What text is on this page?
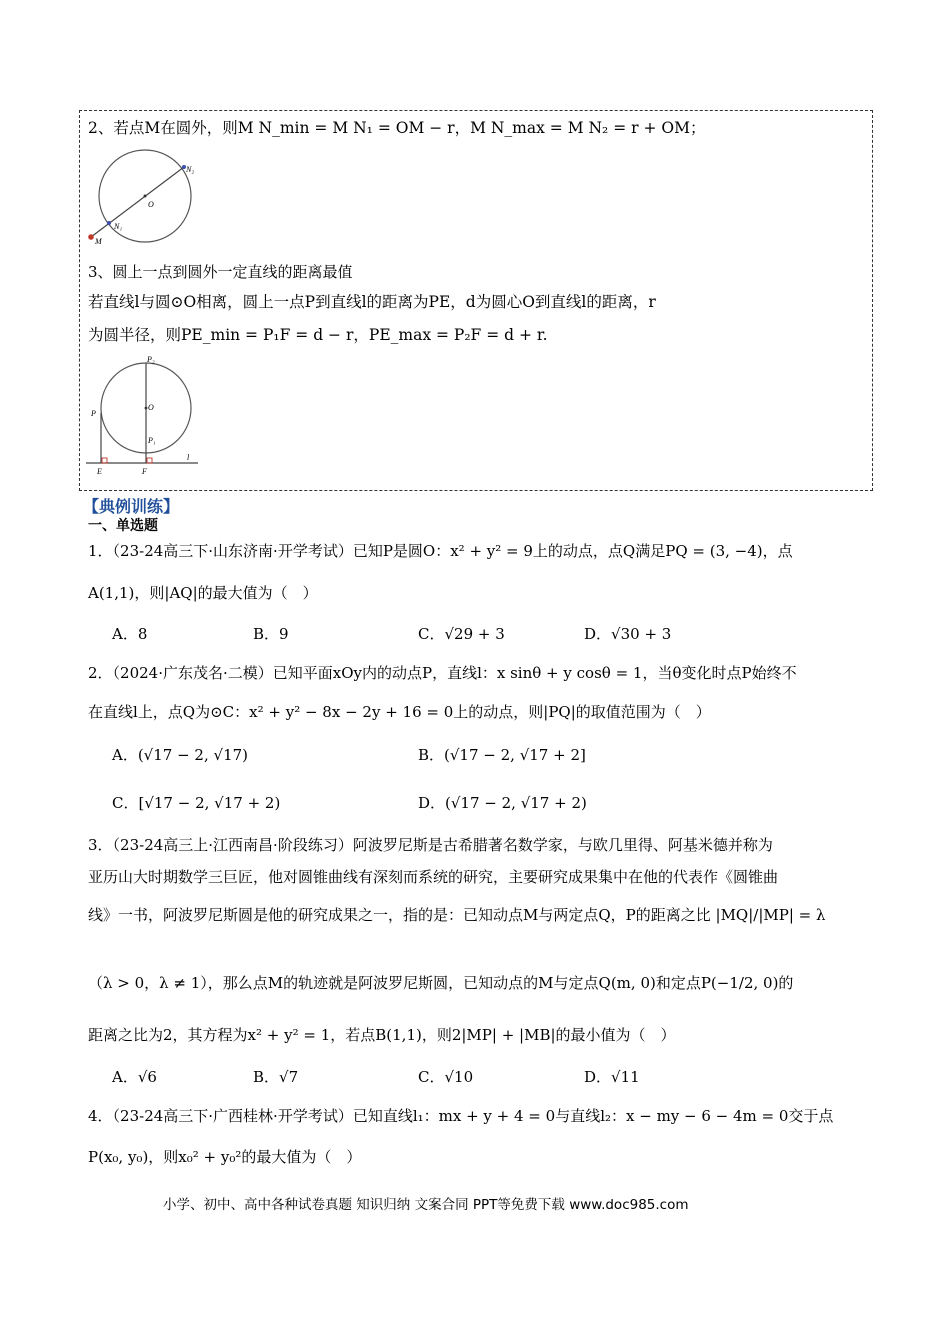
2、若点M在圆外，则M N_min = M N₁ = OM − r，M N_max = M N₂ = r + OM；
N₂
O
N₁
M
3、圆上一点到圆外一定直线的距离最值
若直线l与圆⊙O相离，圆上一点P到直线l的距离为PE，d为圆心O到直线l的距离，r
为圆半径，则PE_min = P₁F = d − r，PE_max = P₂F = d + r.
P₂
O
P
P₁
E	F
l
【典例训练】
一、单选题
1．（23-24高三下·山东济南·开学考试）已知P是圆O：x² + y² = 9上的动点，点Q满足PQ = (3, −4)，点
A(1,1)，则|AQ|的最大值为（　）
A．8	B．9	C．√29 + 3	D．√30 + 3
2．（2024·广东茂名·二模）已知平面xOy内的动点P，直线l：x sinθ + y cosθ = 1，当θ变化时点P始终不
在直线l上，点Q为⊙C：x² + y² − 8x − 2y + 16 = 0上的动点，则|PQ|的取值范围为（　）
A．(√17 − 2, √17)	B．(√17 − 2, √17 + 2]
C．[√17 − 2, √17 + 2)	D．(√17 − 2, √17 + 2)
3．（23-24高三上·江西南昌·阶段练习）阿波罗尼斯是古希腊著名数学家，与欧几里得、阿基米德并称为
亚历山大时期数学三巨匠，他对圆锥曲线有深刻而系统的研究，主要研究成果集中在他的代表作《圆锥曲
线》一书，阿波罗尼斯圆是他的研究成果之一，指的是：已知动点M与两定点Q，P的距离之比 |MQ|/|MP| = λ
（λ > 0，λ ≠ 1），那么点M的轨迹就是阿波罗尼斯圆，已知动点的M与定点Q(m, 0)和定点P(−1/2, 0)的
距离之比为2，其方程为x² + y² = 1，若点B(1,1)，则2|MP| + |MB|的最小值为（　）
A．√6	B．√7	C．√10	D．√11
4．（23-24高三下·广西桂林·开学考试）已知直线l₁：mx + y + 4 = 0与直线l₂：x − my − 6 − 4m = 0交于点
P(x₀, y₀)，则x₀² + y₀²的最大值为（　）
小学、初中、高中各种试卷真题 知识归纳 文案合同 PPT等免费下载 www.doc985.com
